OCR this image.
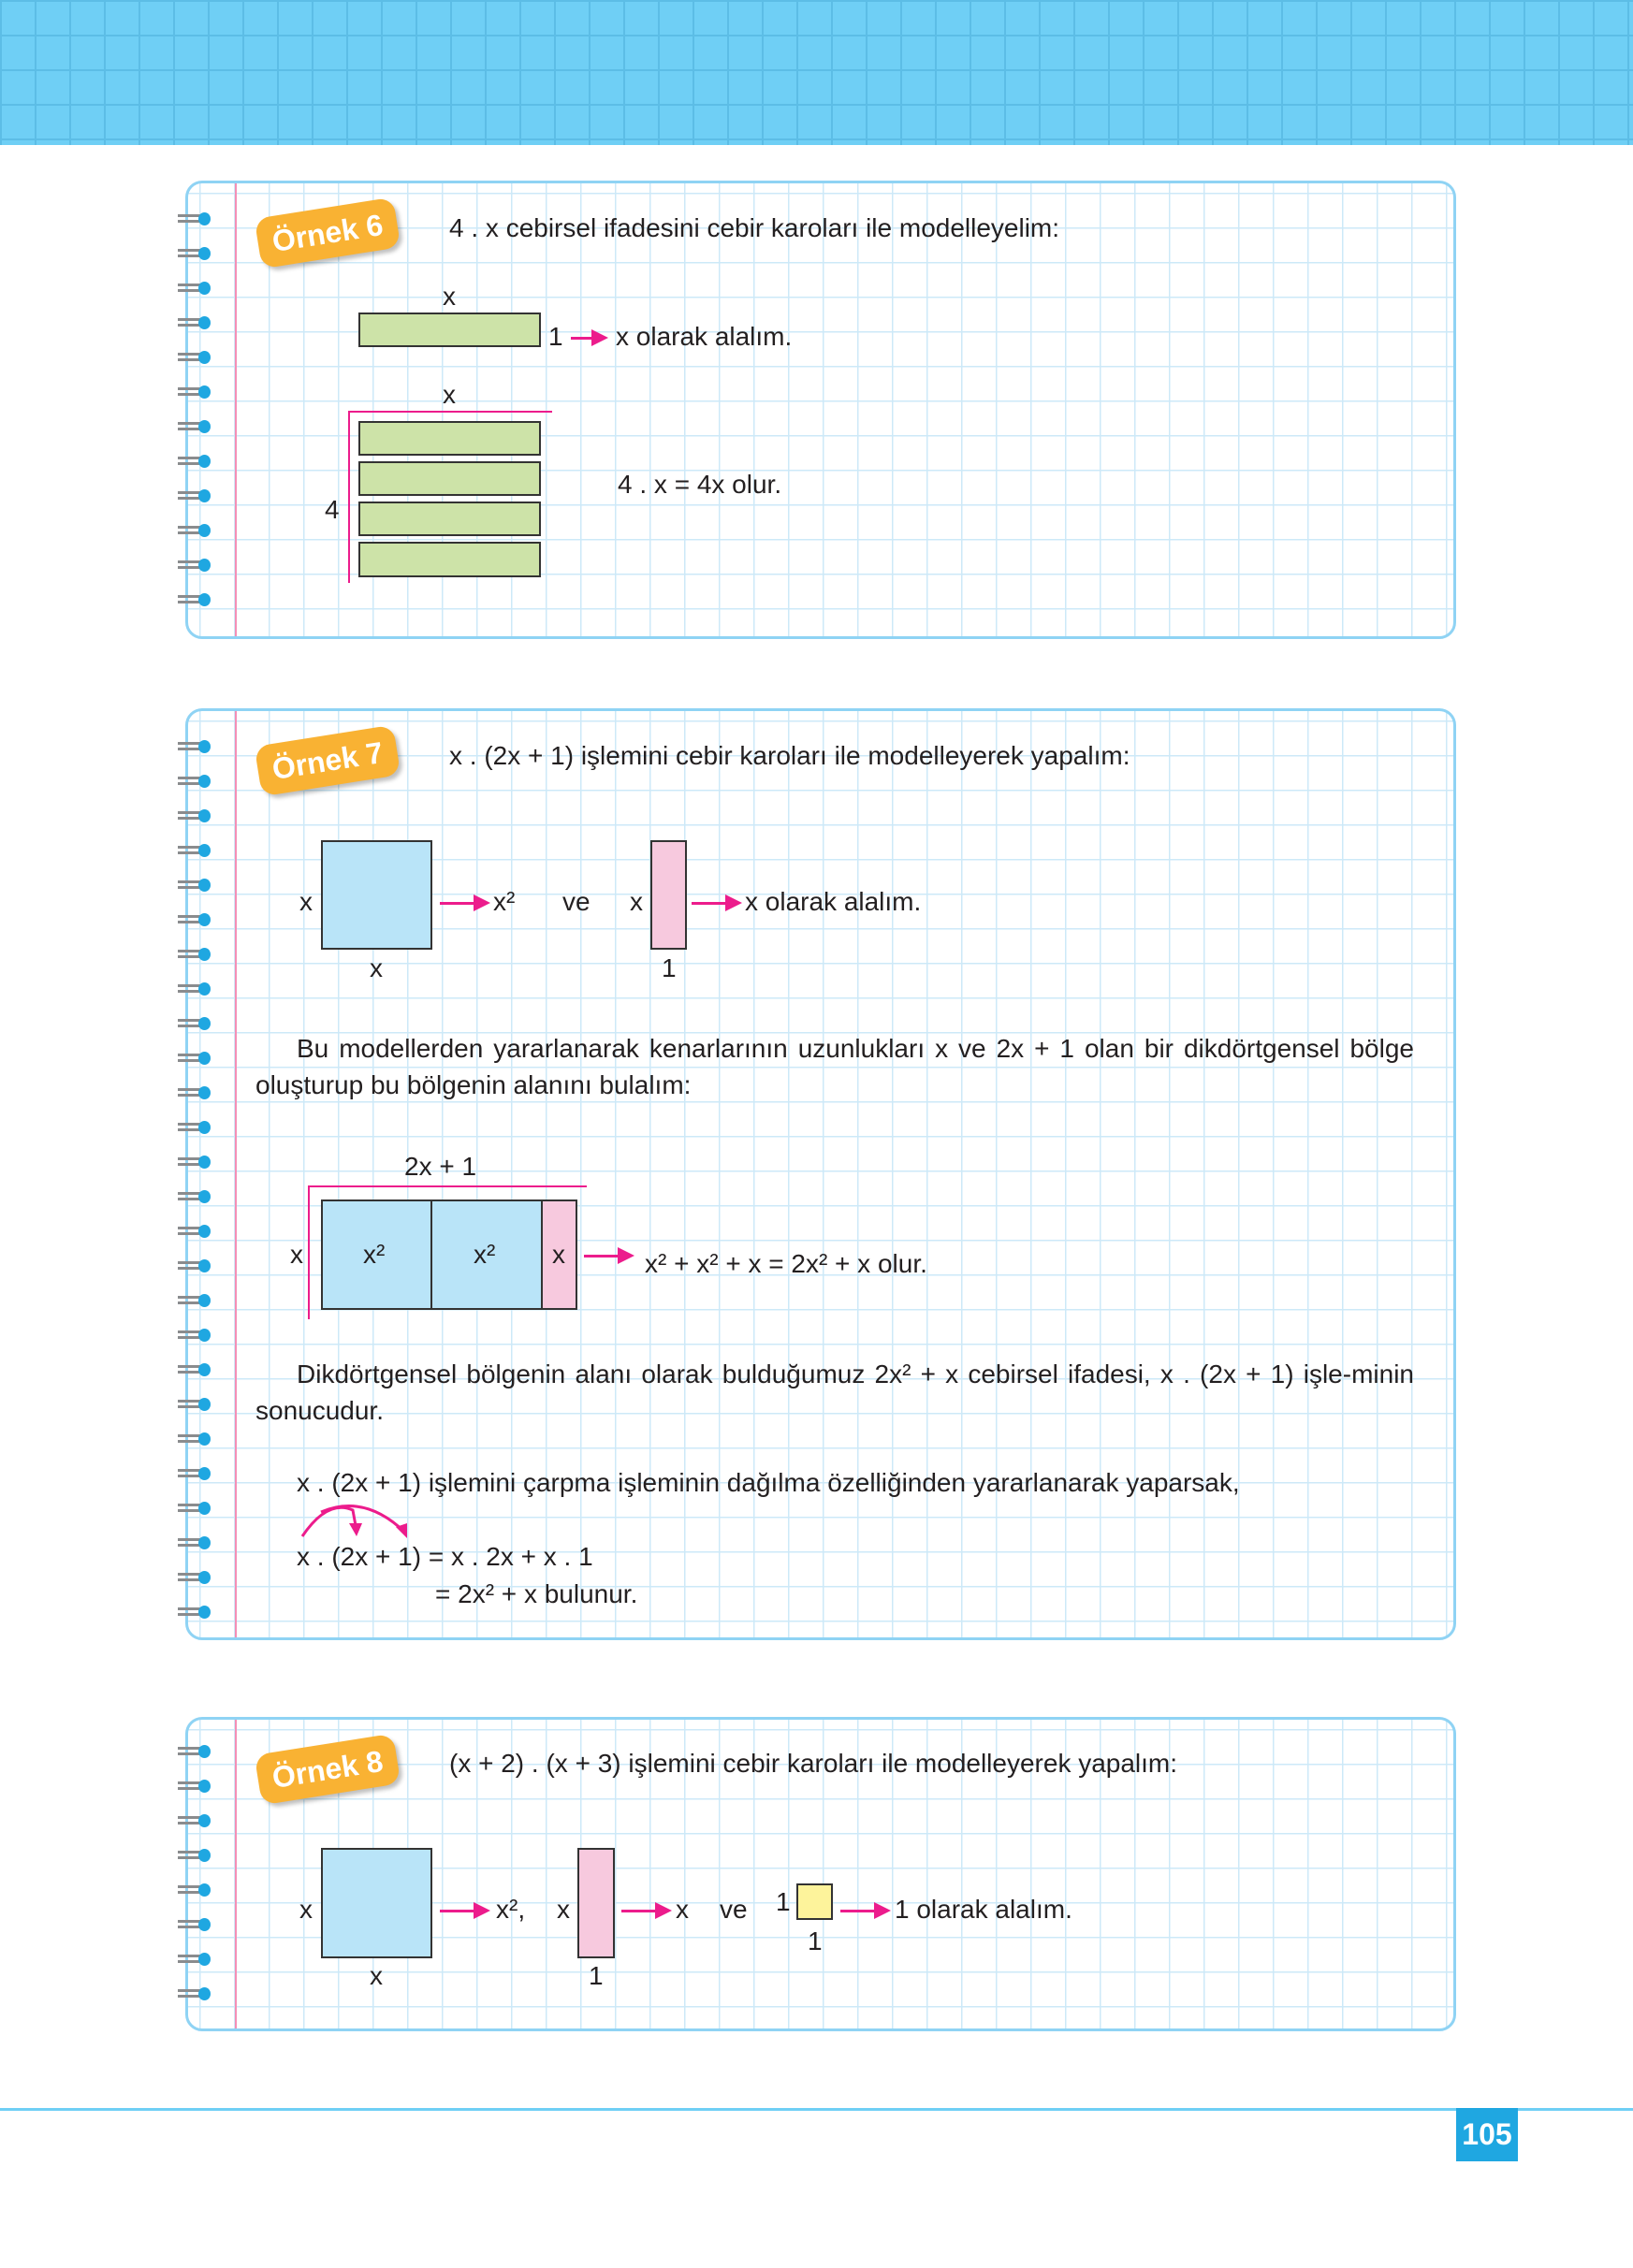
Örnek 6	4 . x cebirsel ifadesini cebir karoları ile modelleyelim:
x
1 x olarak alalım.
x
4
4 . x = 4x olur.
Örnek 7	x . (2x + 1) işlemini cebir karoları ile modelleyerek yapalım:
x
x
x² ve x
1
x olarak alalım.
Bu modellerden yararlanarak kenarlarının uzunlukları x ve 2x + 1 olan bir dikdörtgensel bölge oluşturup bu bölgenin alanını bulalım:
2x + 1
x²	x² x
x	x² + x² + x = 2x² + x olur.
Dikdörtgensel bölgenin alanı olarak bulduğumuz 2x² + x cebirsel ifadesi, x . (2x + 1) işle-minin sonucudur.
x . (2x + 1) işlemini çarpma işleminin dağılma özelliğinden yararlanarak yaparsak,
x . (2x + 1) = x . 2x + x . 1
= 2x² + x bulunur.
Örnek 8	(x + 2) . (x + 3) işlemini cebir karoları ile modelleyerek yapalım:
x
x
x², x
1
x ve 1
1
1 olarak alalım.
105
